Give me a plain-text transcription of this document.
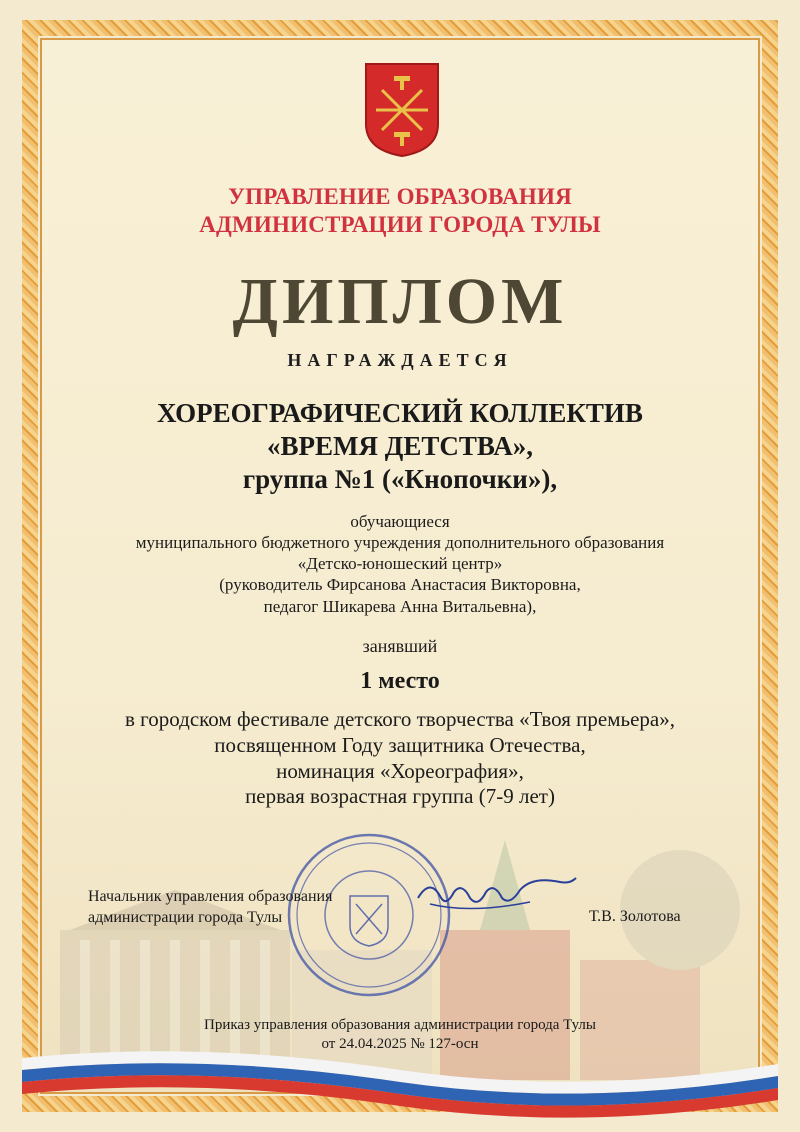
УПРАВЛЕНИЕ ОБРАЗОВАНИЯ
АДМИНИСТРАЦИИ ГОРОДА ТУЛЫ
ДИПЛОМ
НАГРАЖДАЕТСЯ
ХОРЕОГРАФИЧЕСКИЙ КОЛЛЕКТИВ
«ВРЕМЯ ДЕТСТВА»,
группа №1 («Кнопочки»),
обучающиеся
муниципального бюджетного учреждения дополнительного образования
«Детско-юношеский центр»
(руководитель Фирсанова Анастасия Викторовна,
педагог Шикарева Анна Витальевна),
занявший
1 место
в городском фестивале детского творчества «Твоя премьера»,
посвященном Году защитника Отечества,
номинация «Хореография»,
первая возрастная группа (7-9 лет)
Начальник управления образования
администрации города Тулы	Т.В. Золотова
Приказ управления образования администрации города Тулы
от 24.04.2025 № 127-осн
